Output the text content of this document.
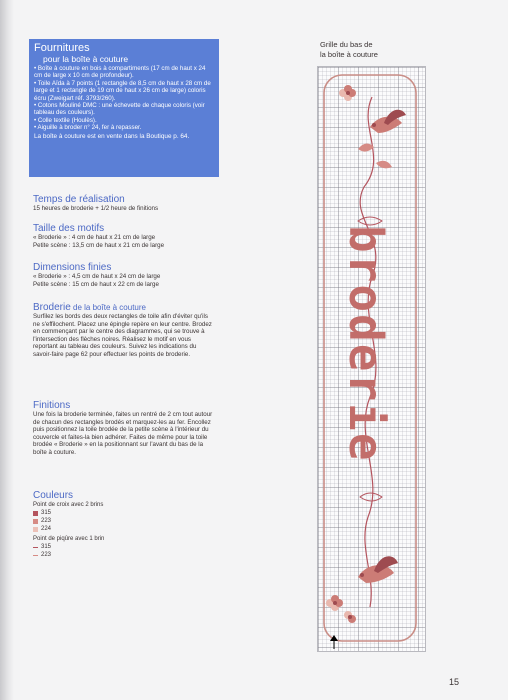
Fournitures
pour la boîte à couture
• Boîte à couture en bois à compartiments (17 cm de haut x 24 cm de large x 10 cm de profondeur).
• Toile Aïda à 7 points (1 rectangle de 8,5 cm de haut x 28 cm de large et 1 rectangle de 19 cm de haut x 26 cm de large) coloris écru (Zweigart réf. 3793/260).
• Cotons Mouliné DMC : une échevette de chaque coloris (voir tableau des couleurs).
• Colle textile (Houlès).
• Aiguille à broder n° 24, fer à repasser.
La boîte à couture est en vente dans la Boutique p. 64.
Temps de réalisation
15 heures de broderie + 1/2 heure de finitions
Taille des motifs
« Broderie » : 4 cm de haut x 21 cm de large
Petite scène : 13,5 cm de haut x 21 cm de large
Dimensions finies
« Broderie » : 4,5 cm de haut x 24 cm de large
Petite scène : 15 cm de haut x 22 cm de large
Broderie de la boîte à couture
Surfilez les bords des deux rectangles de toile afin d'éviter qu'ils ne s'effilochent. Placez une épingle repère en leur centre. Brodez en commençant par le centre des diagrammes, qui se trouve à l'intersection des flèches noires. Réalisez le motif en vous reportant au tableau des couleurs. Suivez les indications du savoir-faire page 62 pour effectuer les points de broderie.
Finitions
Une fois la broderie terminée, faites un rentré de 2 cm tout autour de chacun des rectangles brodés et marquez-les au fer. Encollez puis positionnez la toile brodée de la petite scène à l'intérieur du couvercle et faites-la bien adhérer. Faites de même pour la toile brodée « Broderie » en la positionnant sur l'avant du bas de la boîte à couture.
Couleurs
Point de croix avec 2 brins
315
223
224
Point de piqûre avec 1 brin
315
223
Grille du bas de
la boîte à couture
broderie
15
